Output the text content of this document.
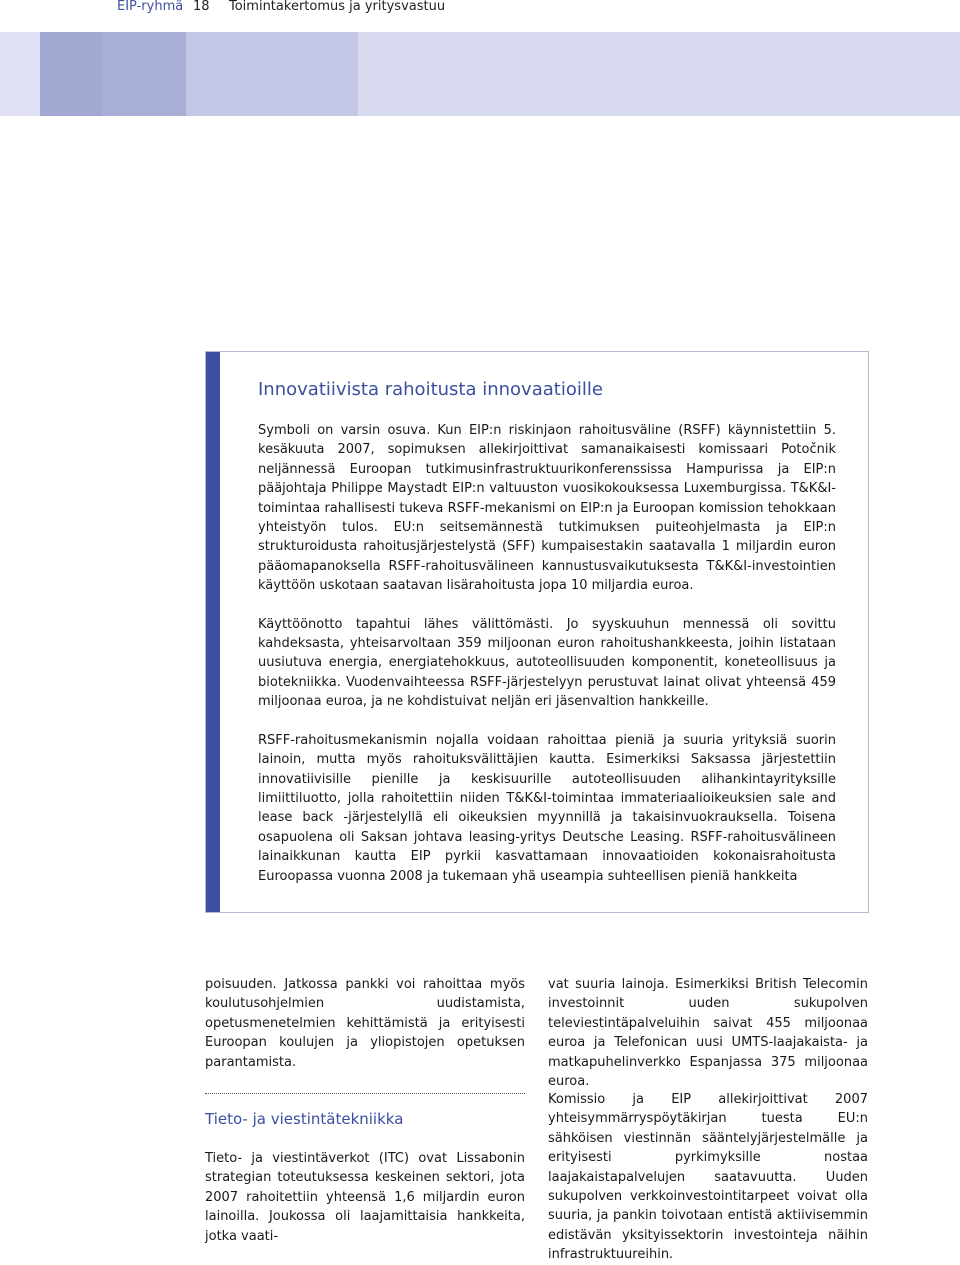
EIP-ryhmä 18 Toimintakertomus ja yritysvastuu
Innovatiivista rahoitusta innovaatioille

Symboli on varsin osuva. Kun EIP:n riskinjaon rahoitusväline (RSFF) käynnistettiin 5. kesäkuuta 2007, sopimuksen allekirjoittivat samanaikaisesti komissaari Potočnik neljännessä Euroopan tutkimusinfrastruktuurikonferenssissa Hampurissa ja EIP:n pääjohtaja Philippe Maystadt EIP:n valtuuston vuosikokouksessa Luxemburgissa. T&K&I-toimintaa rahallisesti tukeva RSFF-mekanismi on EIP:n ja Euroopan komission tehokkaan yhteistyön tulos. EU:n seitsemännestä tutkimuksen puiteohjelmasta ja EIP:n strukturoidusta rahoitusjärjestelystä (SFF) kumpaisestakin saatavalla 1 miljardin euron pääomapanoksella RSFF-rahoitusvälineen kannustusvaikutuksesta T&K&I-investointien käyttöön uskotaan saatavan lisärahoitusta jopa 10 miljardia euroa.

Käyttöönotto tapahtui lähes välittömästi. Jo syyskuuhun mennessä oli sovittu kahdeksasta, yhteisarvoltaan 359 miljoonan euron rahoitushankkeesta, joihin listataan uusiutuva energia, energiatehokkuus, autoteollisuuden komponentit, koneteollisuus ja biotekniikka. Vuodenvaihteessa RSFF-järjestelyyn perustuvat lainat olivat yhteensä 459 miljoonaa euroa, ja ne kohdistuivat neljän eri jäsenvaltion hankkeille.

RSFF-rahoitusmekanismin nojalla voidaan rahoittaa pieniä ja suuria yrityksiä suorin lainoin, mutta myös rahoituksvälittäjien kautta. Esimerkiksi Saksassa järjestettiin innovatiivisille pienille ja keskisuurille autoteollisuuden alihankintayrityksille limiittiluotto, jolla rahoitettiin niiden T&K&I-toimintaa immateriaalioikeuksien sale and lease back -järjestelyllä eli oikeuksien myynnillä ja takaisinvuokrauksella. Toisena osapuolena oli Saksan johtava leasing-yritys Deutsche Leasing. RSFF-rahoitusvälineen lainaikkunan kautta EIP pyrkii kasvattamaan innovaatioiden kokonaisrahoitusta Euroopassa vuonna 2008 ja tukemaan yhä useampia suhteellisen pieniä hankkeita

poisuuden. Jatkossa pankki voi rahoittaa myös koulutusohjelmien uudistamista, opetusmenetelmien kehittämistä ja erityisesti Euroopan koulujen ja yliopistojen opetuksen parantamista.

Tieto- ja viestintätekniikka

Tieto- ja viestintäverkot (ITC) ovat Lissabonin strategian toteutuksessa keskeinen sektori, jota 2007 rahoitettiin yhteensä 1,6 miljardin euron lainoilla. Joukossa oli laajamittaisia hankkeita, jotka vaati-

vat suuria lainoja. Esimerkiksi British Telecomin investoinnit uuden sukupolven televiestintäpalveluihin saivat 455 miljoonaa euroa ja Telefonican uusi UMTS-laajakaista- ja matkapuhelinverkko Espanjassa 375 miljoonaa euroa.

Komissio ja EIP allekirjoittivat 2007 yhteisymmärryspöytäkirjan tuesta EU:n sähköisen viestinnän sääntelyjärjestelmälle ja erityisesti pyrkimyksille nostaa laajakaistapalvelujen saatavuutta. Uuden sukupolven verkkoinvestointitarpeet voivat olla suuria, ja pankin toivotaan entistä aktiivisemmin edistävän yksityissektorin investointeja näihin infrastruktuureihin.
